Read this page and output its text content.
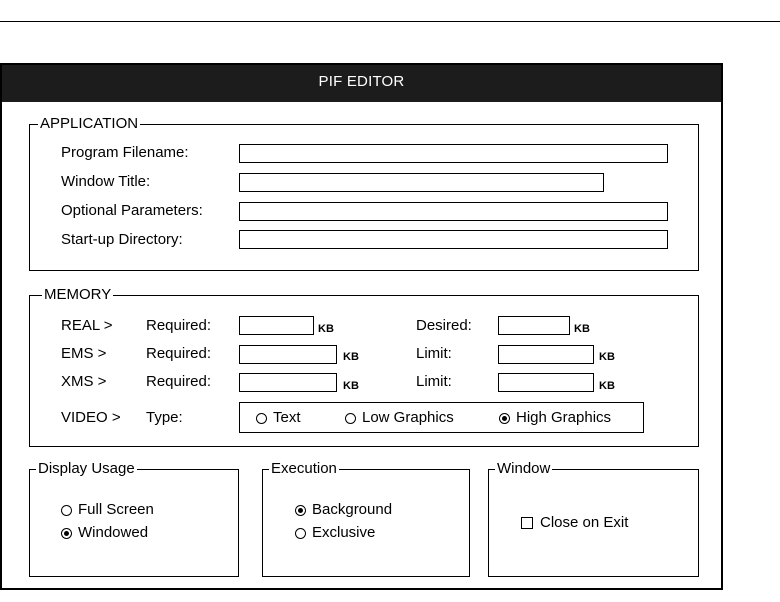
PIF EDITOR
APPLICATION
Program Filename:
Window Title:
Optional Parameters:
Start-up Directory:
MEMORY
REAL > Required:	KB	Desired:	KB
EMS >	Required:	KB	Limit:	KB
XMS >	Required:	KB	Limit:	KB
VIDEO > Type:	Text	Low Graphics	High Graphics
Display Usage
Full Screen
Windowed
Execution
Background
Exclusive
Window
Close on Exit
